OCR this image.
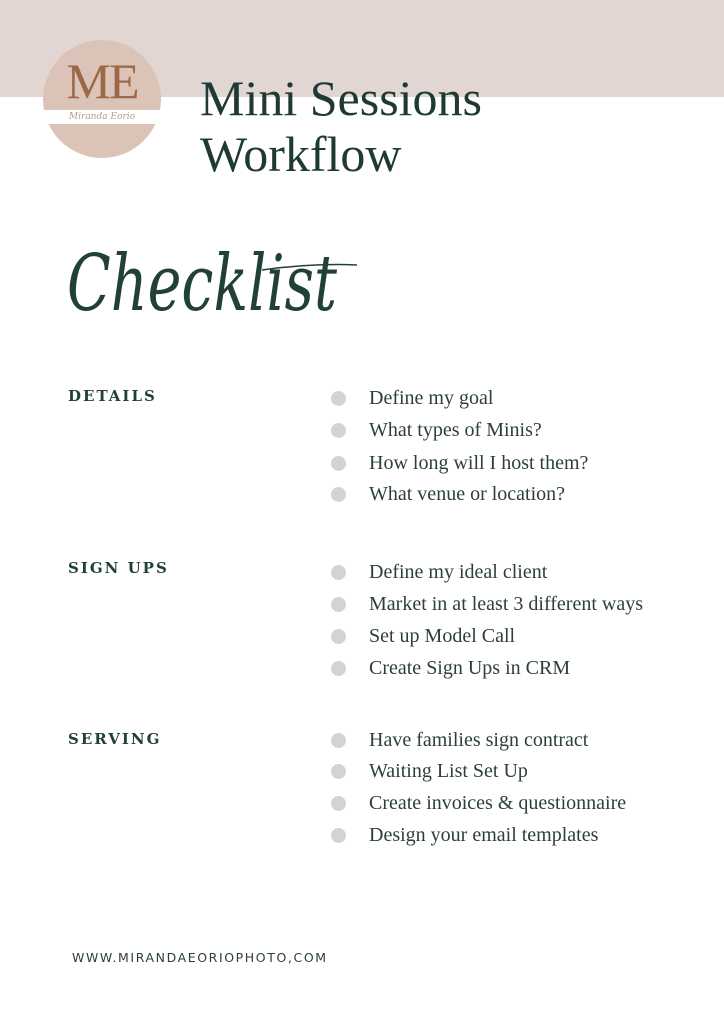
ME
Miranda Eorio	Mini Sessions
Workflow
Checklist
DETAILS	Define my goal
What types of Minis?
How long will I host them?
What venue or location?
SIGN UPS	Define my ideal client
Market in at least 3 different ways
Set up Model Call
Create Sign Ups in CRM
SERVING	Have families sign contract
Waiting List Set Up
Create invoices & questionnaire
Design your email templates
WWW.MIRANDAEORIOPHOTO,COM
